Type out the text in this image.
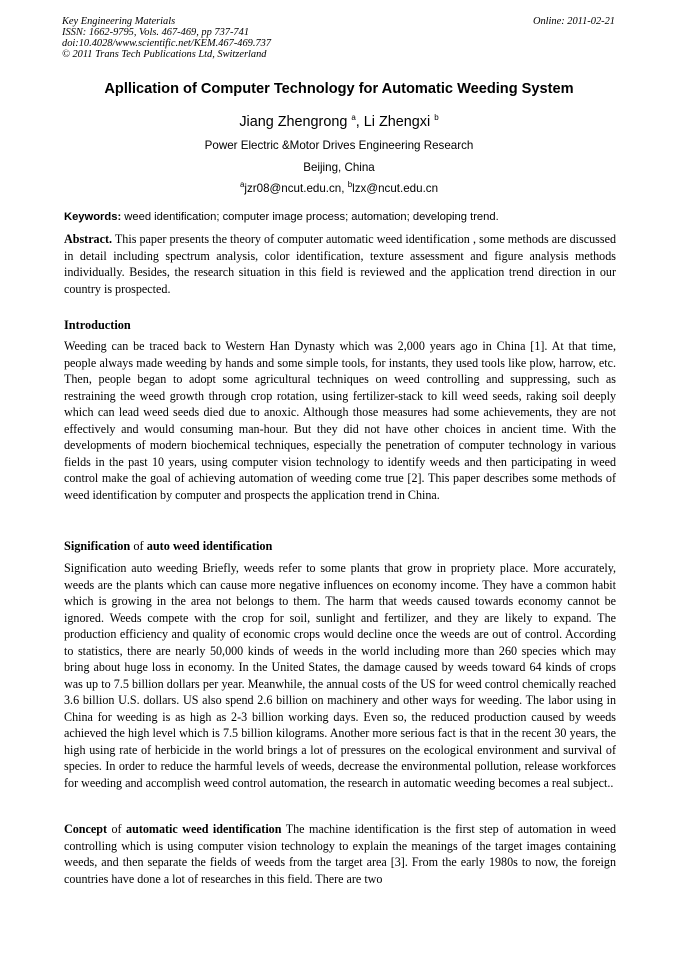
Key Engineering Materials
ISSN: 1662-9795, Vols. 467-469, pp 737-741
doi:10.4028/www.scientific.net/KEM.467-469.737
© 2011 Trans Tech Publications Ltd, Switzerland
Online: 2011-02-21
Apllication of Computer Technology for Automatic Weeding System
Jiang Zhengrong $^a$, Li Zhengxi $^b$
Power Electric &Motor Drives Engineering Research
Beijing, China
$^a$jzr08@ncut.edu.cn, $^b$lzx@ncut.edu.cn
Keywords: weed identification; computer image process; automation; developing trend.
Abstract. This paper presents the theory of computer automatic weed identification , some methods are discussed in detail including spectrum analysis, color identification, texture assessment and figure analysis methods individually. Besides, the research situation in this field is reviewed and the application trend direction in our country is prospected.
Introduction
Weeding can be traced back to Western Han Dynasty which was 2,000 years ago in China [1]. At that time, people always made weeding by hands and some simple tools, for instants, they used tools like plow, harrow, etc. Then, people began to adopt some agricultural techniques on weed controlling and suppressing, such as restraining the weed growth through crop rotation, using fertilizer-stack to kill weed seeds, raking soil deeply which can lead weed seeds died due to anoxic. Although those measures had some achievements, they are not effectively and would consuming man-hour. But they did not have other choices in ancient time. With the developments of modern biochemical techniques, especially the penetration of computer technology in various fields in the past 10 years, using computer vision technology to identify weeds and then participating in weed control make the goal of achieving automation of weeding come true [2]. This paper describes some methods of weed identification by computer and prospects the application trend in China.
Signification of auto weed identification
Signification auto weeding Briefly, weeds refer to some plants that grow in propriety place. More accurately, weeds are the plants which can cause more negative influences on economy income. They have a common habit which is growing in the area not belongs to them. The harm that weeds caused towards economy cannot be ignored. Weeds compete with the crop for soil, sunlight and fertilizer, and they are likely to expand. The production efficiency and quality of economic crops would decline once the weeds are out of control. According to statistics, there are nearly 50,000 kinds of weeds in the world including more than 260 species which may bring about huge loss in economy. In the United States, the damage caused by weeds toward 64 kinds of crops was up to 7.5 billion dollars per year. Meanwhile, the annual costs of the US for weed control chemically reached 3.6 billion U.S. dollars. US also spend 2.6 billion on machinery and other ways for weeding. The labor using in China for weeding is as high as 2-3 billion working days. Even so, the reduced production caused by weeds achieved the high level which is 7.5 billion kilograms. Another more serious fact is that in the recent 30 years, the high using rate of herbicide in the world brings a lot of pressures on the ecological environment and survival of species. In order to reduce the harmful levels of weeds, decrease the environmental pollution, release workforces for weeding and accomplish weed control automation, the research in automatic weeding becomes a real subject..
Concept of automatic weed identification The machine identification is the first step of automation in weed controlling which is using computer vision technology to explain the meanings of the target images containing weeds, and then separate the fields of weeds from the target area [3]. From the early 1980s to now, the foreign countries have done a lot of researches in this field. There are two
